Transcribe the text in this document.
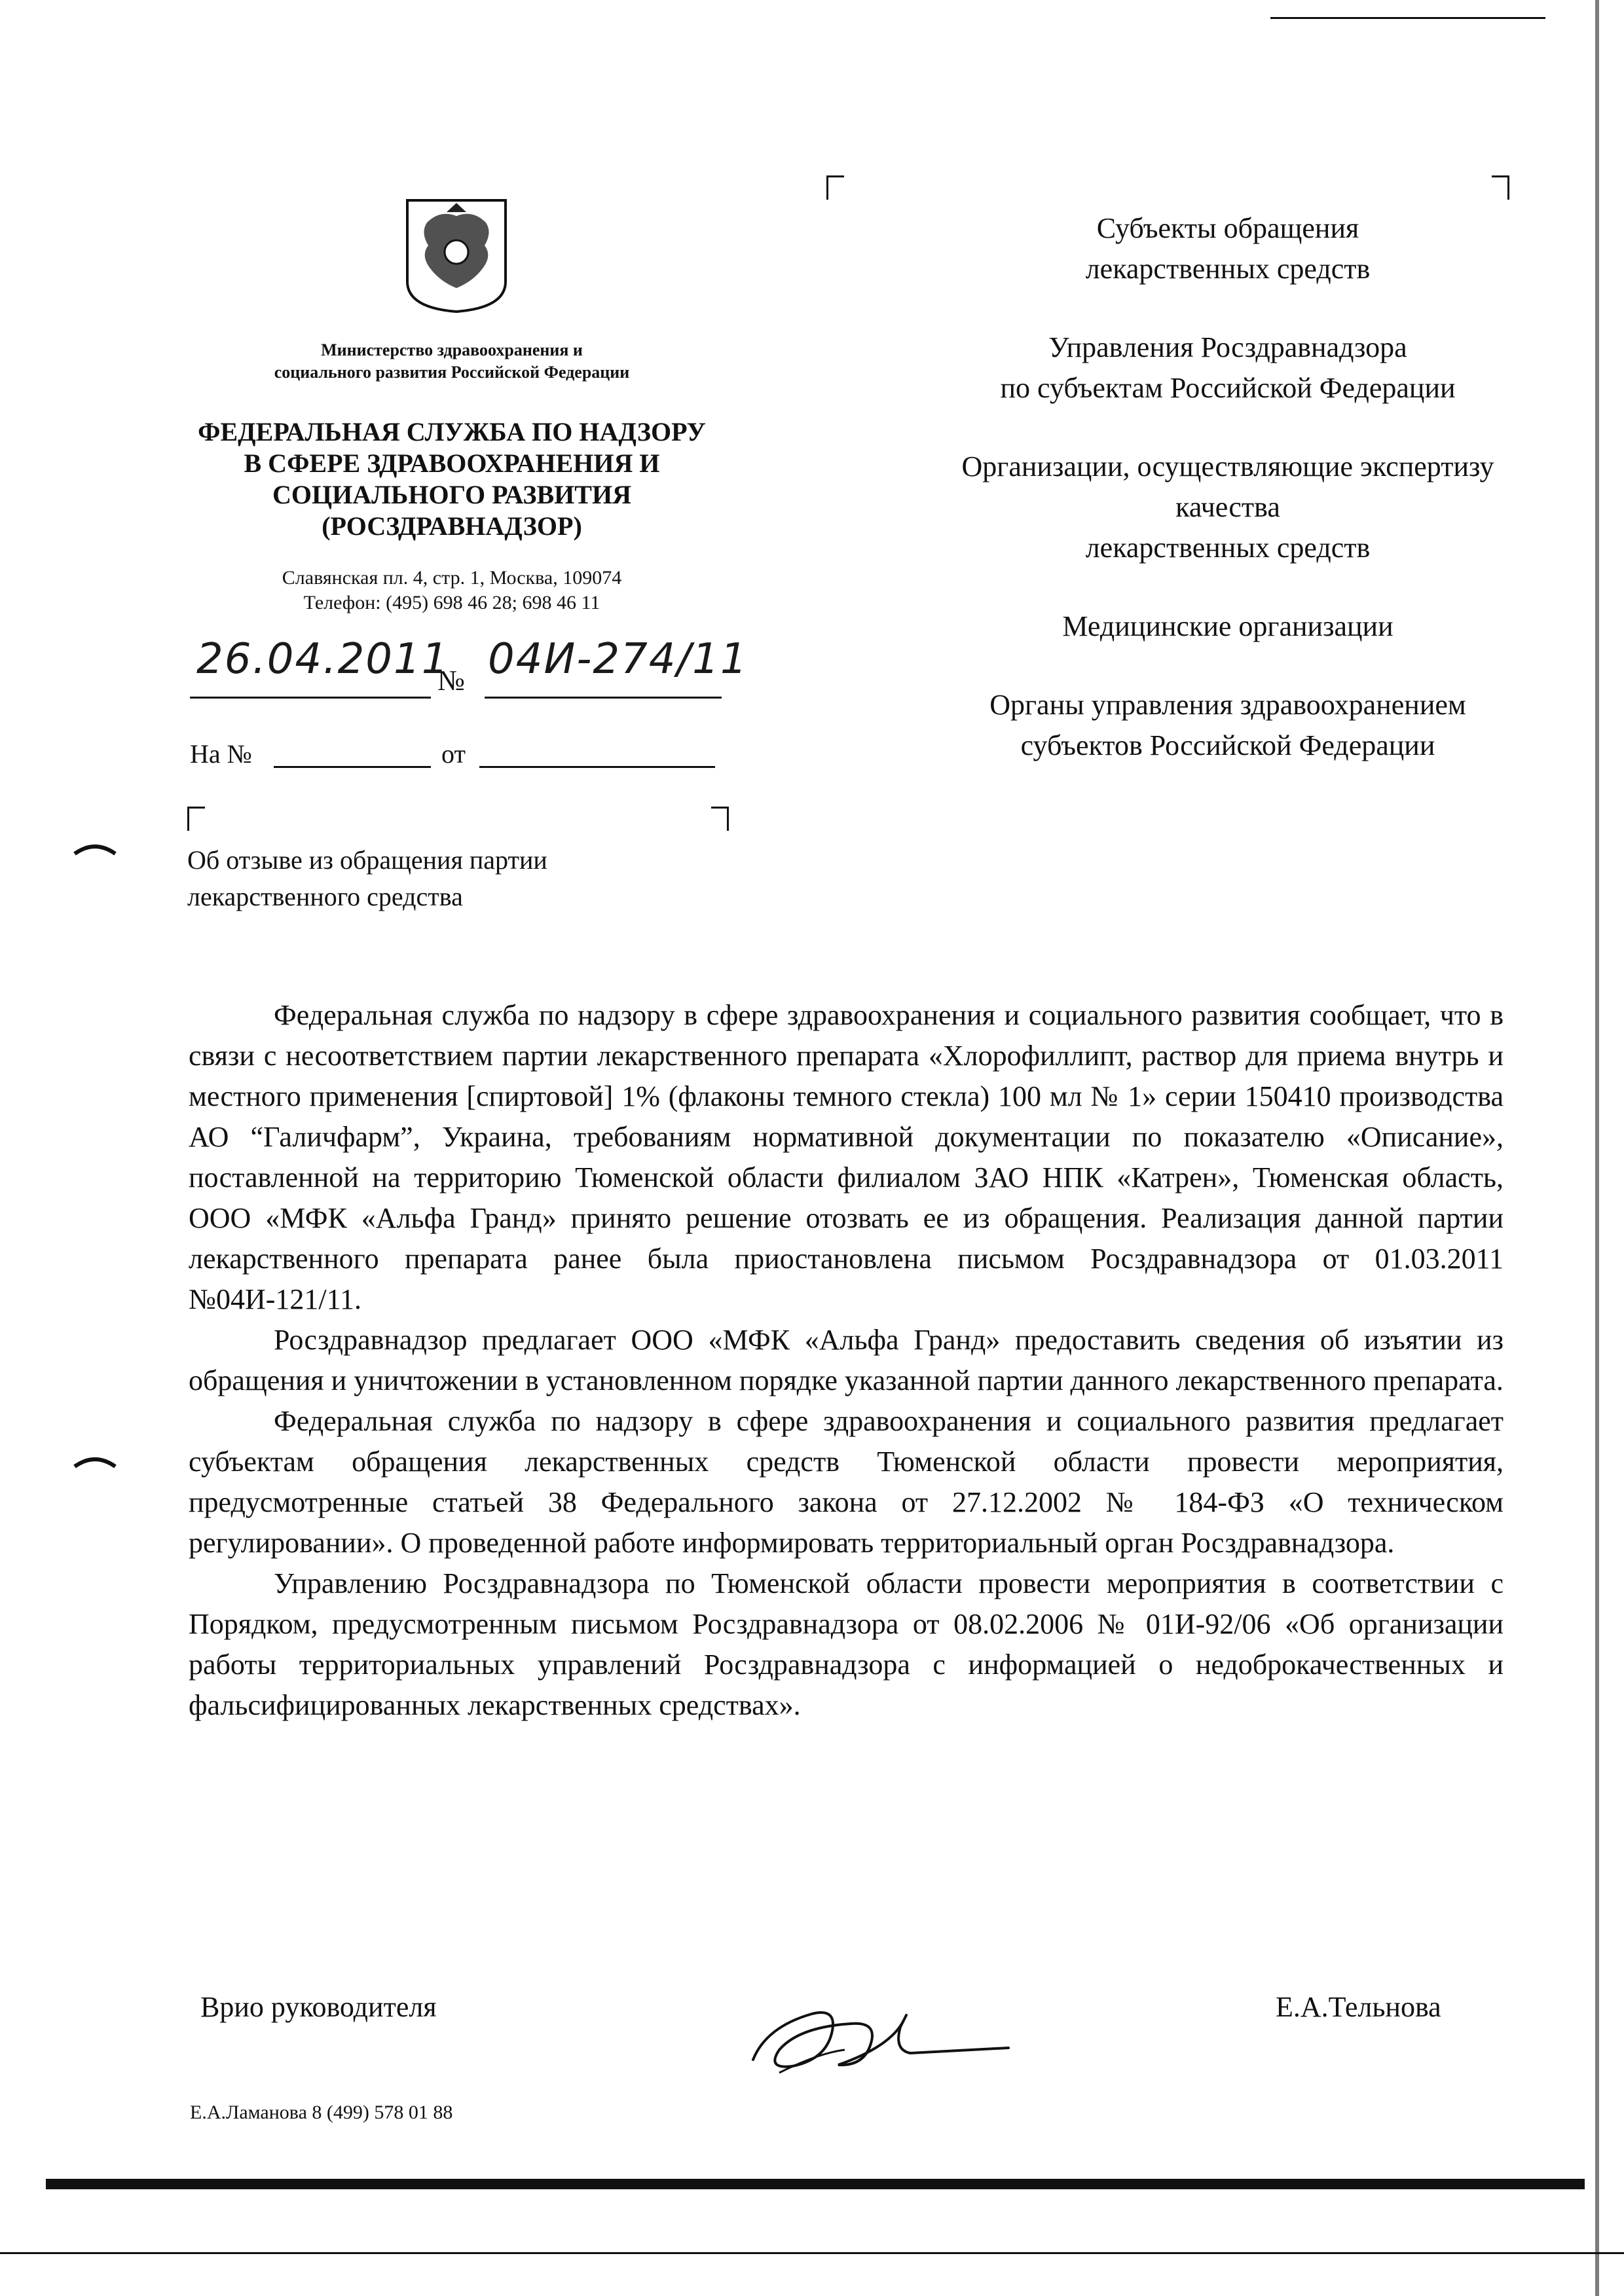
Министерство здравоохранения и
социального развития Российской Федерации
ФЕДЕРАЛЬНАЯ СЛУЖБА ПО НАДЗОРУ
В СФЕРЕ ЗДРАВООХРАНЕНИЯ И
СОЦИАЛЬНОГО РАЗВИТИЯ
(РОСЗДРАВНАДЗОР)
Славянская пл. 4, стр. 1, Москва, 109074
Телефон: (495) 698 46 28; 698 46 11
26.04.2011
№ 04И-274/11
На №	от
Об отзыве из обращения партии
лекарственного средства
Субъекты обращения
лекарственных средств
Управления Росздравнадзора
по субъектам Российской Федерации
Организации, осуществляющие экспертизу
качества
лекарственных средств
Медицинские организации
Органы управления здравоохранением
субъектов Российской Федерации

Федеральная служба по надзору в сфере здравоохранения и социального развития сообщает, что в связи с несоответствием партии лекарственного препарата «Хлорофиллипт, раствор для приема внутрь и местного применения [спиртовой] 1% (флаконы темного стекла) 100 мл № 1» серии 150410 производства АО “Галичфарм”, Украина, требованиям нормативной документации по показателю «Описание», поставленной на территорию Тюменской области филиалом ЗАО НПК «Катрен», Тюменская область, ООО «МФК «Альфа Гранд» принято решение отозвать ее из обращения. Реализация данной партии лекарственного препарата ранее была приостановлена письмом Росздравнадзора от 01.03.2011 №04И-121/11.

Росздравнадзор предлагает ООО «МФК «Альфа Гранд» предоставить сведения об изъятии из обращения и уничтожении в установленном порядке указанной партии данного лекарственного препарата.

Федеральная служба по надзору в сфере здравоохранения и социального развития предлагает субъектам обращения лекарственных средств Тюменской области провести мероприятия, предусмотренные статьей 38 Федерального закона от 27.12.2002 № 184-ФЗ «О техническом регулировании». О проведенной работе информировать территориальный орган Росздравнадзора.

Управлению Росздравнадзора по Тюменской области провести мероприятия в соответствии с Порядком, предусмотренным письмом Росздравнадзора от 08.02.2006 № 01И-92/06 «Об организации работы территориальных управлений Росздравнадзора с информацией о недоброкачественных и фальсифицированных лекарственных средствах».

Врио руководителя	Е.А.Тельнова
Е.А.Ламанова 8 (499) 578 01 88
